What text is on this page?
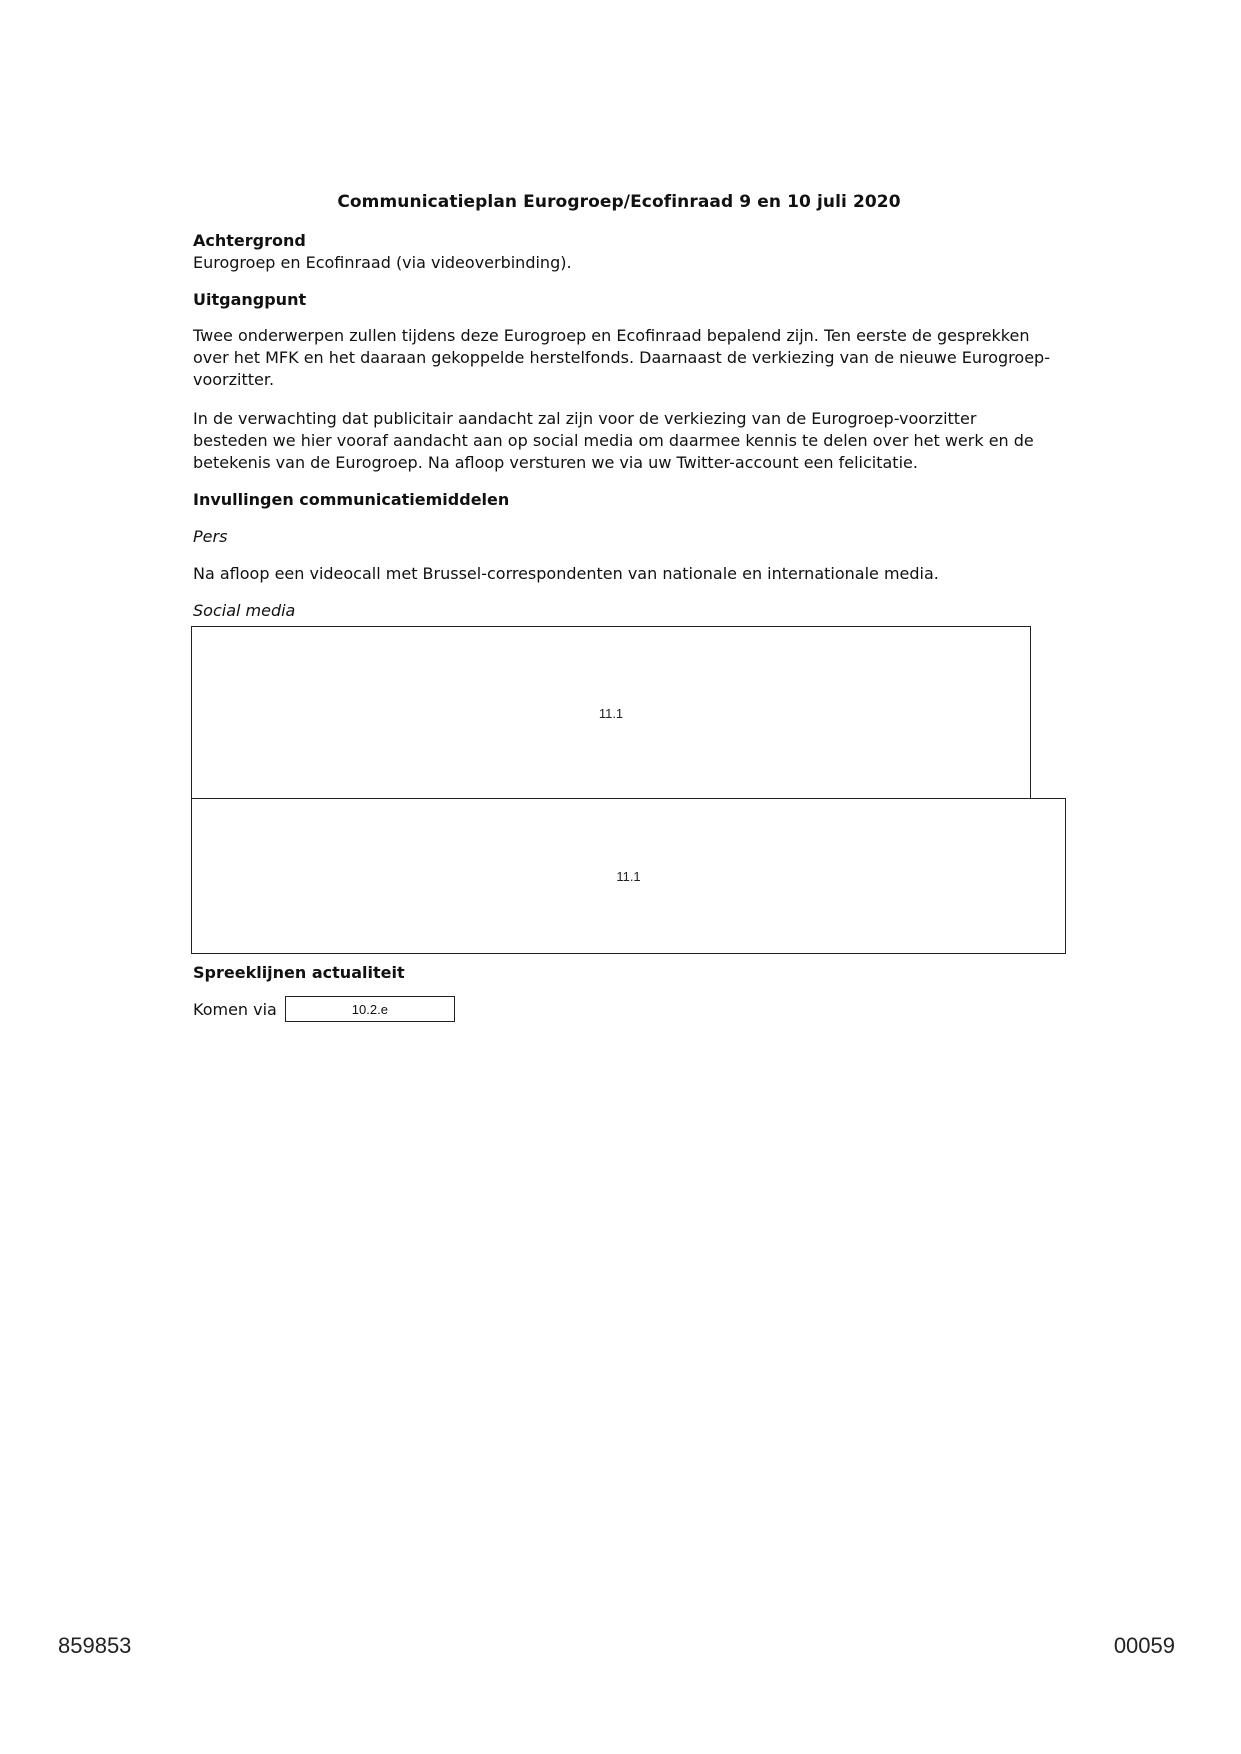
Communicatieplan Eurogroep/Ecofinraad 9 en 10 juli 2020
Achtergrond
Eurogroep en Ecofinraad (via videoverbinding).
Uitgangpunt
Twee onderwerpen zullen tijdens deze Eurogroep en Ecofinraad bepalend zijn. Ten eerste de gesprekken over het MFK en het daaraan gekoppelde herstelfonds. Daarnaast de verkiezing van de nieuwe Eurogroep-voorzitter.
In de verwachting dat publicitair aandacht zal zijn voor de verkiezing van de Eurogroep-voorzitter besteden we hier vooraf aandacht aan op social media om daarmee kennis te delen over het werk en de betekenis van de Eurogroep. Na afloop versturen we via uw Twitter-account een felicitatie.
Invullingen communicatiemiddelen
Pers
Na afloop een videocall met Brussel-correspondenten van nationale en internationale media.
Social media
11.1
11.1
Spreeklijnen actualiteit
Komen via	10.2.e
859853	00059
